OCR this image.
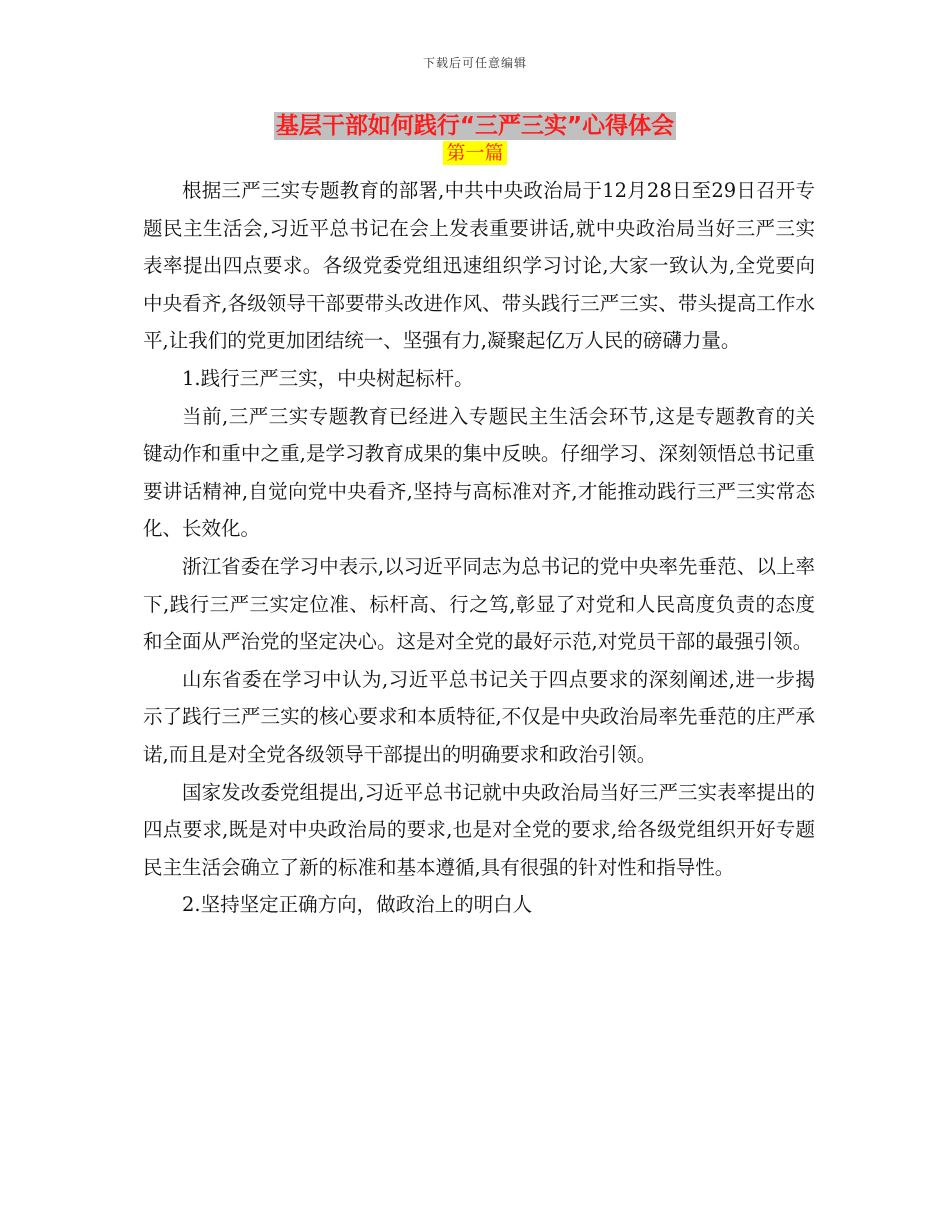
下载后可任意编辑
基层干部如何践行“三严三实”心得体会
第一篇

根据三严三实专题教育的部署,中共中央政治局于12月28日至29日召开专题民主生活会,习近平总书记在会上发表重要讲话,就中央政治局当好三严三实表率提出四点要求。各级党委党组迅速组织学习讨论,大家一致认为,全党要向中央看齐,各级领导干部要带头改进作风、带头践行三严三实、带头提高工作水平,让我们的党更加团结统一、坚强有力,凝聚起亿万人民的磅礴力量。

1.践行三严三实，中央树起标杆。

当前,三严三实专题教育已经进入专题民主生活会环节,这是专题教育的关键动作和重中之重,是学习教育成果的集中反映。仔细学习、深刻领悟总书记重要讲话精神,自觉向党中央看齐,坚持与高标准对齐,才能推动践行三严三实常态化、长效化。

浙江省委在学习中表示,以习近平同志为总书记的党中央率先垂范、以上率下,践行三严三实定位准、标杆高、行之笃,彰显了对党和人民高度负责的态度和全面从严治党的坚定决心。这是对全党的最好示范,对党员干部的最强引领。

山东省委在学习中认为,习近平总书记关于四点要求的深刻阐述,进一步揭示了践行三严三实的核心要求和本质特征,不仅是中央政治局率先垂范的庄严承诺,而且是对全党各级领导干部提出的明确要求和政治引领。

国家发改委党组提出,习近平总书记就中央政治局当好三严三实表率提出的四点要求,既是对中央政治局的要求,也是对全党的要求,给各级党组织开好专题民主生活会确立了新的标准和基本遵循,具有很强的针对性和指导性。

2.坚持坚定正确方向，做政治上的明白人
